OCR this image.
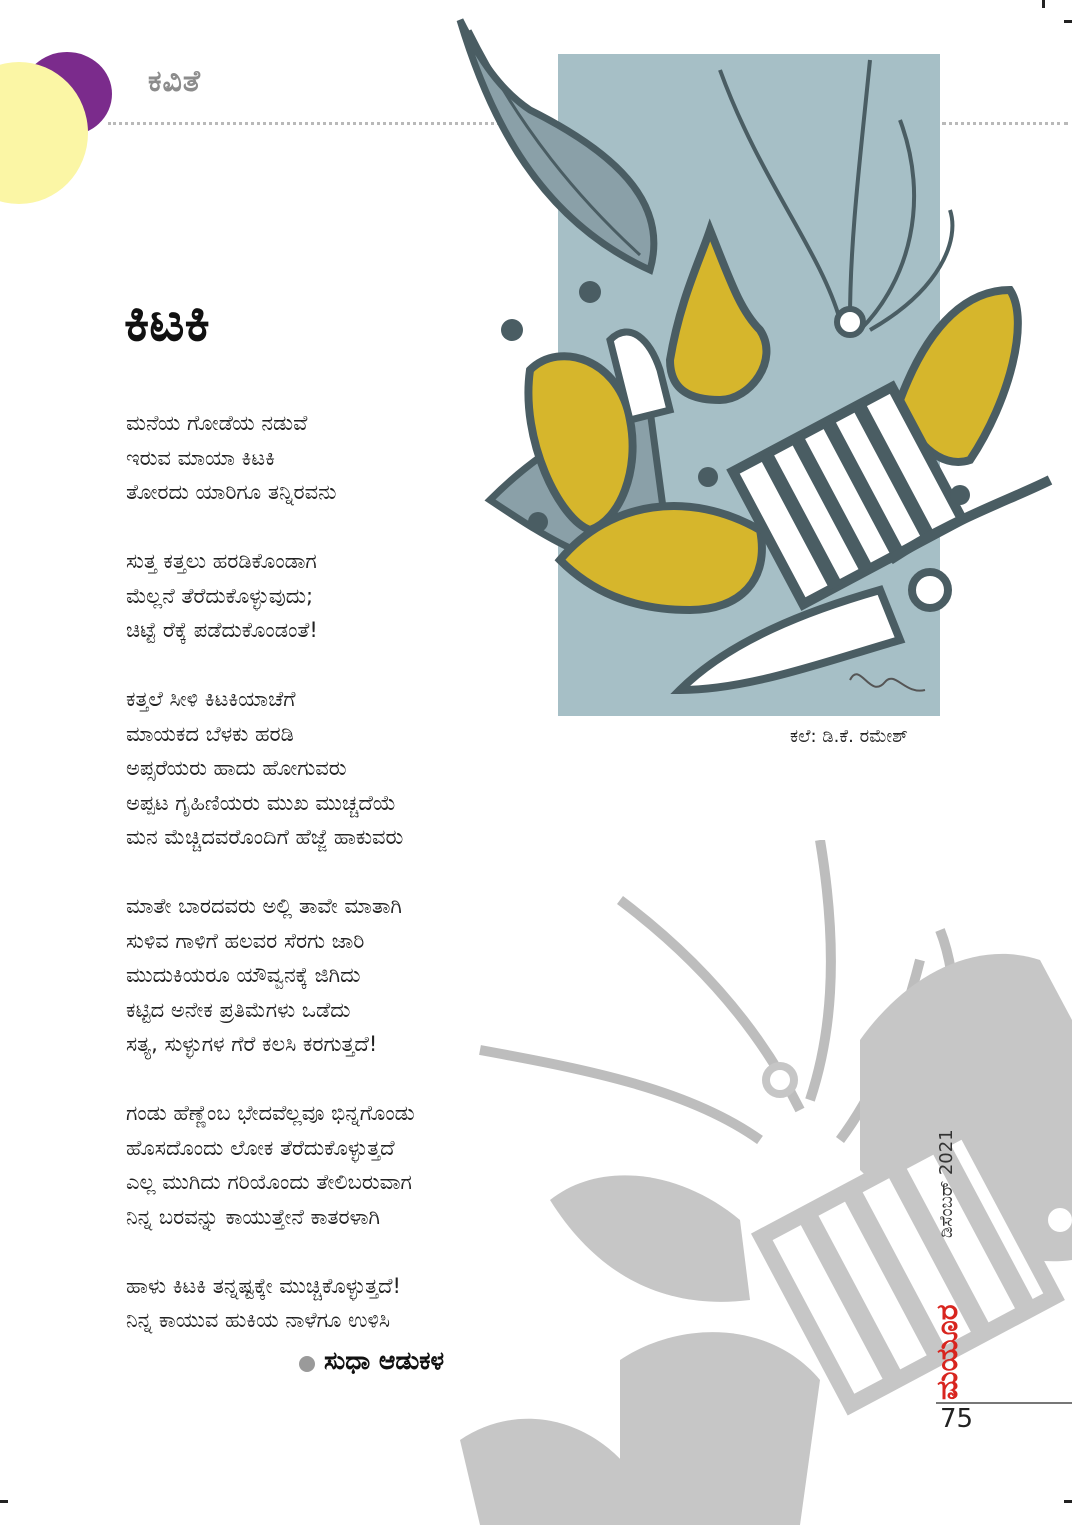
ಕವಿತೆ
ಕಲೆ: ಡಿ.ಕೆ. ರಮೇಶ್
ಕಿಟಕಿ
ಮನೆಯ ಗೋಡೆಯ ನಡುವೆ
ಇರುವ ಮಾಯಾ ಕಿಟಕಿ
ತೋರದು ಯಾರಿಗೂ ತನ್ನಿರವನು
ಸುತ್ತ ಕತ್ತಲು ಹರಡಿಕೊಂಡಾಗ
ಮೆಲ್ಲನೆ ತೆರೆದುಕೊಳ್ಳುವುದು;
ಚಿಟ್ಟೆ ರೆಕ್ಕೆ ಪಡೆದುಕೊಂಡಂತೆ!
ಕತ್ತಲೆ ಸೀಳಿ ಕಿಟಕಿಯಾಚೆಗೆ
ಮಾಯಕದ ಬೆಳಕು ಹರಡಿ
ಅಪ್ಸರೆಯರು ಹಾದು ಹೋಗುವರು
ಅಪ್ಪಟ ಗೃಹಿಣಿಯರು ಮುಖ ಮುಚ್ಚದೆಯೆ
ಮನ ಮೆಚ್ಚಿದವರೊಂದಿಗೆ ಹೆಜ್ಜೆ ಹಾಕುವರು
ಮಾತೇ ಬಾರದವರು ಅಲ್ಲಿ ತಾವೇ ಮಾತಾಗಿ
ಸುಳಿವ ಗಾಳಿಗೆ ಹಲವರ ಸೆರಗು ಜಾರಿ
ಮುದುಕಿಯರೂ ಯೌವ್ವನಕ್ಕೆ ಜಿಗಿದು
ಕಟ್ಟಿದ ಅನೇಕ ಪ್ರತಿಮೆಗಳು ಒಡೆದು
ಸತ್ಯ, ಸುಳ್ಳುಗಳ ಗೆರೆ ಕಲಸಿ ಕರಗುತ್ತದೆ!
ಗಂಡು ಹೆಣ್ಣೆಂಬ ಭೇದವೆಲ್ಲವೂ ಭಿನ್ನಗೊಂಡು
ಹೊಸದೊಂದು ಲೋಕ ತೆರೆದುಕೊಳ್ಳುತ್ತದೆ
ಎಲ್ಲ ಮುಗಿದು ಗರಿಯೊಂದು ತೇಲಿಬರುವಾಗ
ನಿನ್ನ ಬರವನ್ನು ಕಾಯುತ್ತೇನೆ ಕಾತರಳಾಗಿ
ಹಾಳು ಕಿಟಕಿ ತನ್ನಷ್ಟಕ್ಕೇ ಮುಚ್ಚಿಕೊಳ್ಳುತ್ತದೆ!
ನಿನ್ನ ಕಾಯುವ ಹುಕಿಯ ನಾಳೆಗೂ ಉಳಿಸಿ
ಸುಧಾ ಆಡುಕಳ
ಡಿಸೆಂಬರ್ 2021
ಮಯೂರ
75
